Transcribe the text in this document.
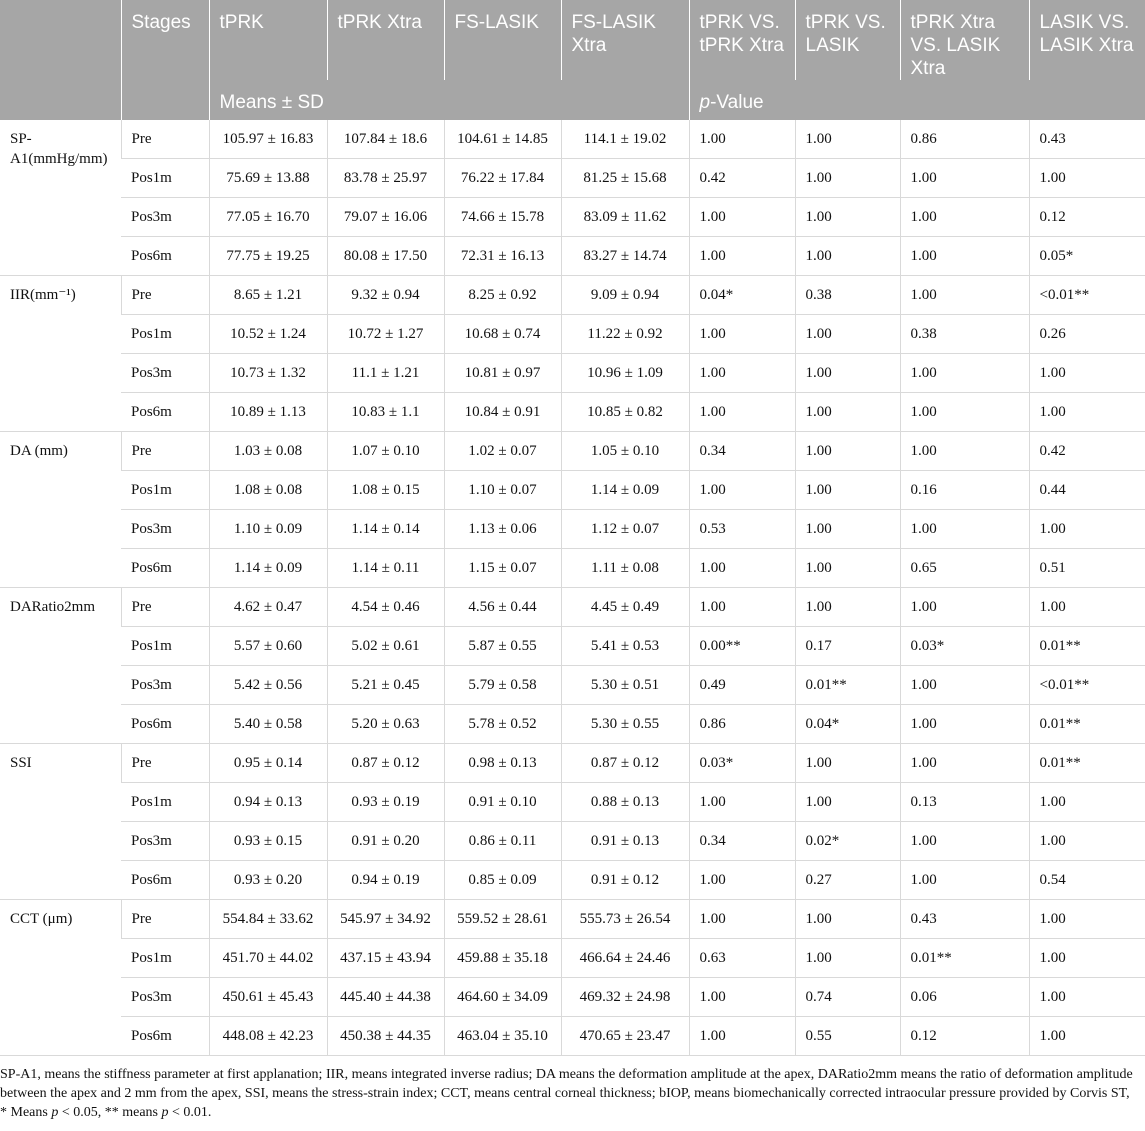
	Stages	tPRK	tPRK Xtra	FS-LASIK	FS-LASIK Xtra	tPRK VS. tPRK Xtra	tPRK VS. LASIK	tPRK Xtra VS. LASIK Xtra	LASIK VS. LASIK Xtra
		Means ± SD				p-Value			
SP-A1(mmHg/mm)	Pre	105.97 ± 16.83	107.84 ± 18.6	104.61 ± 14.85	114.1 ± 19.02	1.00	1.00	0.86	0.43
	Pos1m	75.69 ± 13.88	83.78 ± 25.97	76.22 ± 17.84	81.25 ± 15.68	0.42	1.00	1.00	1.00
	Pos3m	77.05 ± 16.70	79.07 ± 16.06	74.66 ± 15.78	83.09 ± 11.62	1.00	1.00	1.00	0.12
	Pos6m	77.75 ± 19.25	80.08 ± 17.50	72.31 ± 16.13	83.27 ± 14.74	1.00	1.00	1.00	0.05*
IIR(mm⁻¹)	Pre	8.65 ± 1.21	9.32 ± 0.94	8.25 ± 0.92	9.09 ± 0.94	0.04*	0.38	1.00	<0.01**
	Pos1m	10.52 ± 1.24	10.72 ± 1.27	10.68 ± 0.74	11.22 ± 0.92	1.00	1.00	0.38	0.26
	Pos3m	10.73 ± 1.32	11.1 ± 1.21	10.81 ± 0.97	10.96 ± 1.09	1.00	1.00	1.00	1.00
	Pos6m	10.89 ± 1.13	10.83 ± 1.1	10.84 ± 0.91	10.85 ± 0.82	1.00	1.00	1.00	1.00
DA (mm)	Pre	1.03 ± 0.08	1.07 ± 0.10	1.02 ± 0.07	1.05 ± 0.10	0.34	1.00	1.00	0.42
	Pos1m	1.08 ± 0.08	1.08 ± 0.15	1.10 ± 0.07	1.14 ± 0.09	1.00	1.00	0.16	0.44
	Pos3m	1.10 ± 0.09	1.14 ± 0.14	1.13 ± 0.06	1.12 ± 0.07	0.53	1.00	1.00	1.00
	Pos6m	1.14 ± 0.09	1.14 ± 0.11	1.15 ± 0.07	1.11 ± 0.08	1.00	1.00	0.65	0.51
DARatio2mm	Pre	4.62 ± 0.47	4.54 ± 0.46	4.56 ± 0.44	4.45 ± 0.49	1.00	1.00	1.00	1.00
	Pos1m	5.57 ± 0.60	5.02 ± 0.61	5.87 ± 0.55	5.41 ± 0.53	0.00**	0.17	0.03*	0.01**
	Pos3m	5.42 ± 0.56	5.21 ± 0.45	5.79 ± 0.58	5.30 ± 0.51	0.49	0.01**	1.00	<0.01**
	Pos6m	5.40 ± 0.58	5.20 ± 0.63	5.78 ± 0.52	5.30 ± 0.55	0.86	0.04*	1.00	0.01**
SSI	Pre	0.95 ± 0.14	0.87 ± 0.12	0.98 ± 0.13	0.87 ± 0.12	0.03*	1.00	1.00	0.01**
	Pos1m	0.94 ± 0.13	0.93 ± 0.19	0.91 ± 0.10	0.88 ± 0.13	1.00	1.00	0.13	1.00
	Pos3m	0.93 ± 0.15	0.91 ± 0.20	0.86 ± 0.11	0.91 ± 0.13	0.34	0.02*	1.00	1.00
	Pos6m	0.93 ± 0.20	0.94 ± 0.19	0.85 ± 0.09	0.91 ± 0.12	1.00	0.27	1.00	0.54
CCT (μm)	Pre	554.84 ± 33.62	545.97 ± 34.92	559.52 ± 28.61	555.73 ± 26.54	1.00	1.00	0.43	1.00
	Pos1m	451.70 ± 44.02	437.15 ± 43.94	459.88 ± 35.18	466.64 ± 24.46	0.63	1.00	0.01**	1.00
	Pos3m	450.61 ± 45.43	445.40 ± 44.38	464.60 ± 34.09	469.32 ± 24.98	1.00	0.74	0.06	1.00
	Pos6m	448.08 ± 42.23	450.38 ± 44.35	463.04 ± 35.10	470.65 ± 23.47	1.00	0.55	0.12	1.00

SP-A1, means the stiffness parameter at first applanation; IIR, means integrated inverse radius; DA means the deformation amplitude at the apex, DARatio2mm means the ratio of deformation amplitude between the apex and 2 mm from the apex, SSI, means the stress-strain index; CCT, means central corneal thickness; bIOP, means biomechanically corrected intraocular pressure provided by Corvis ST, * Means p < 0.05, ** means p < 0.01.
